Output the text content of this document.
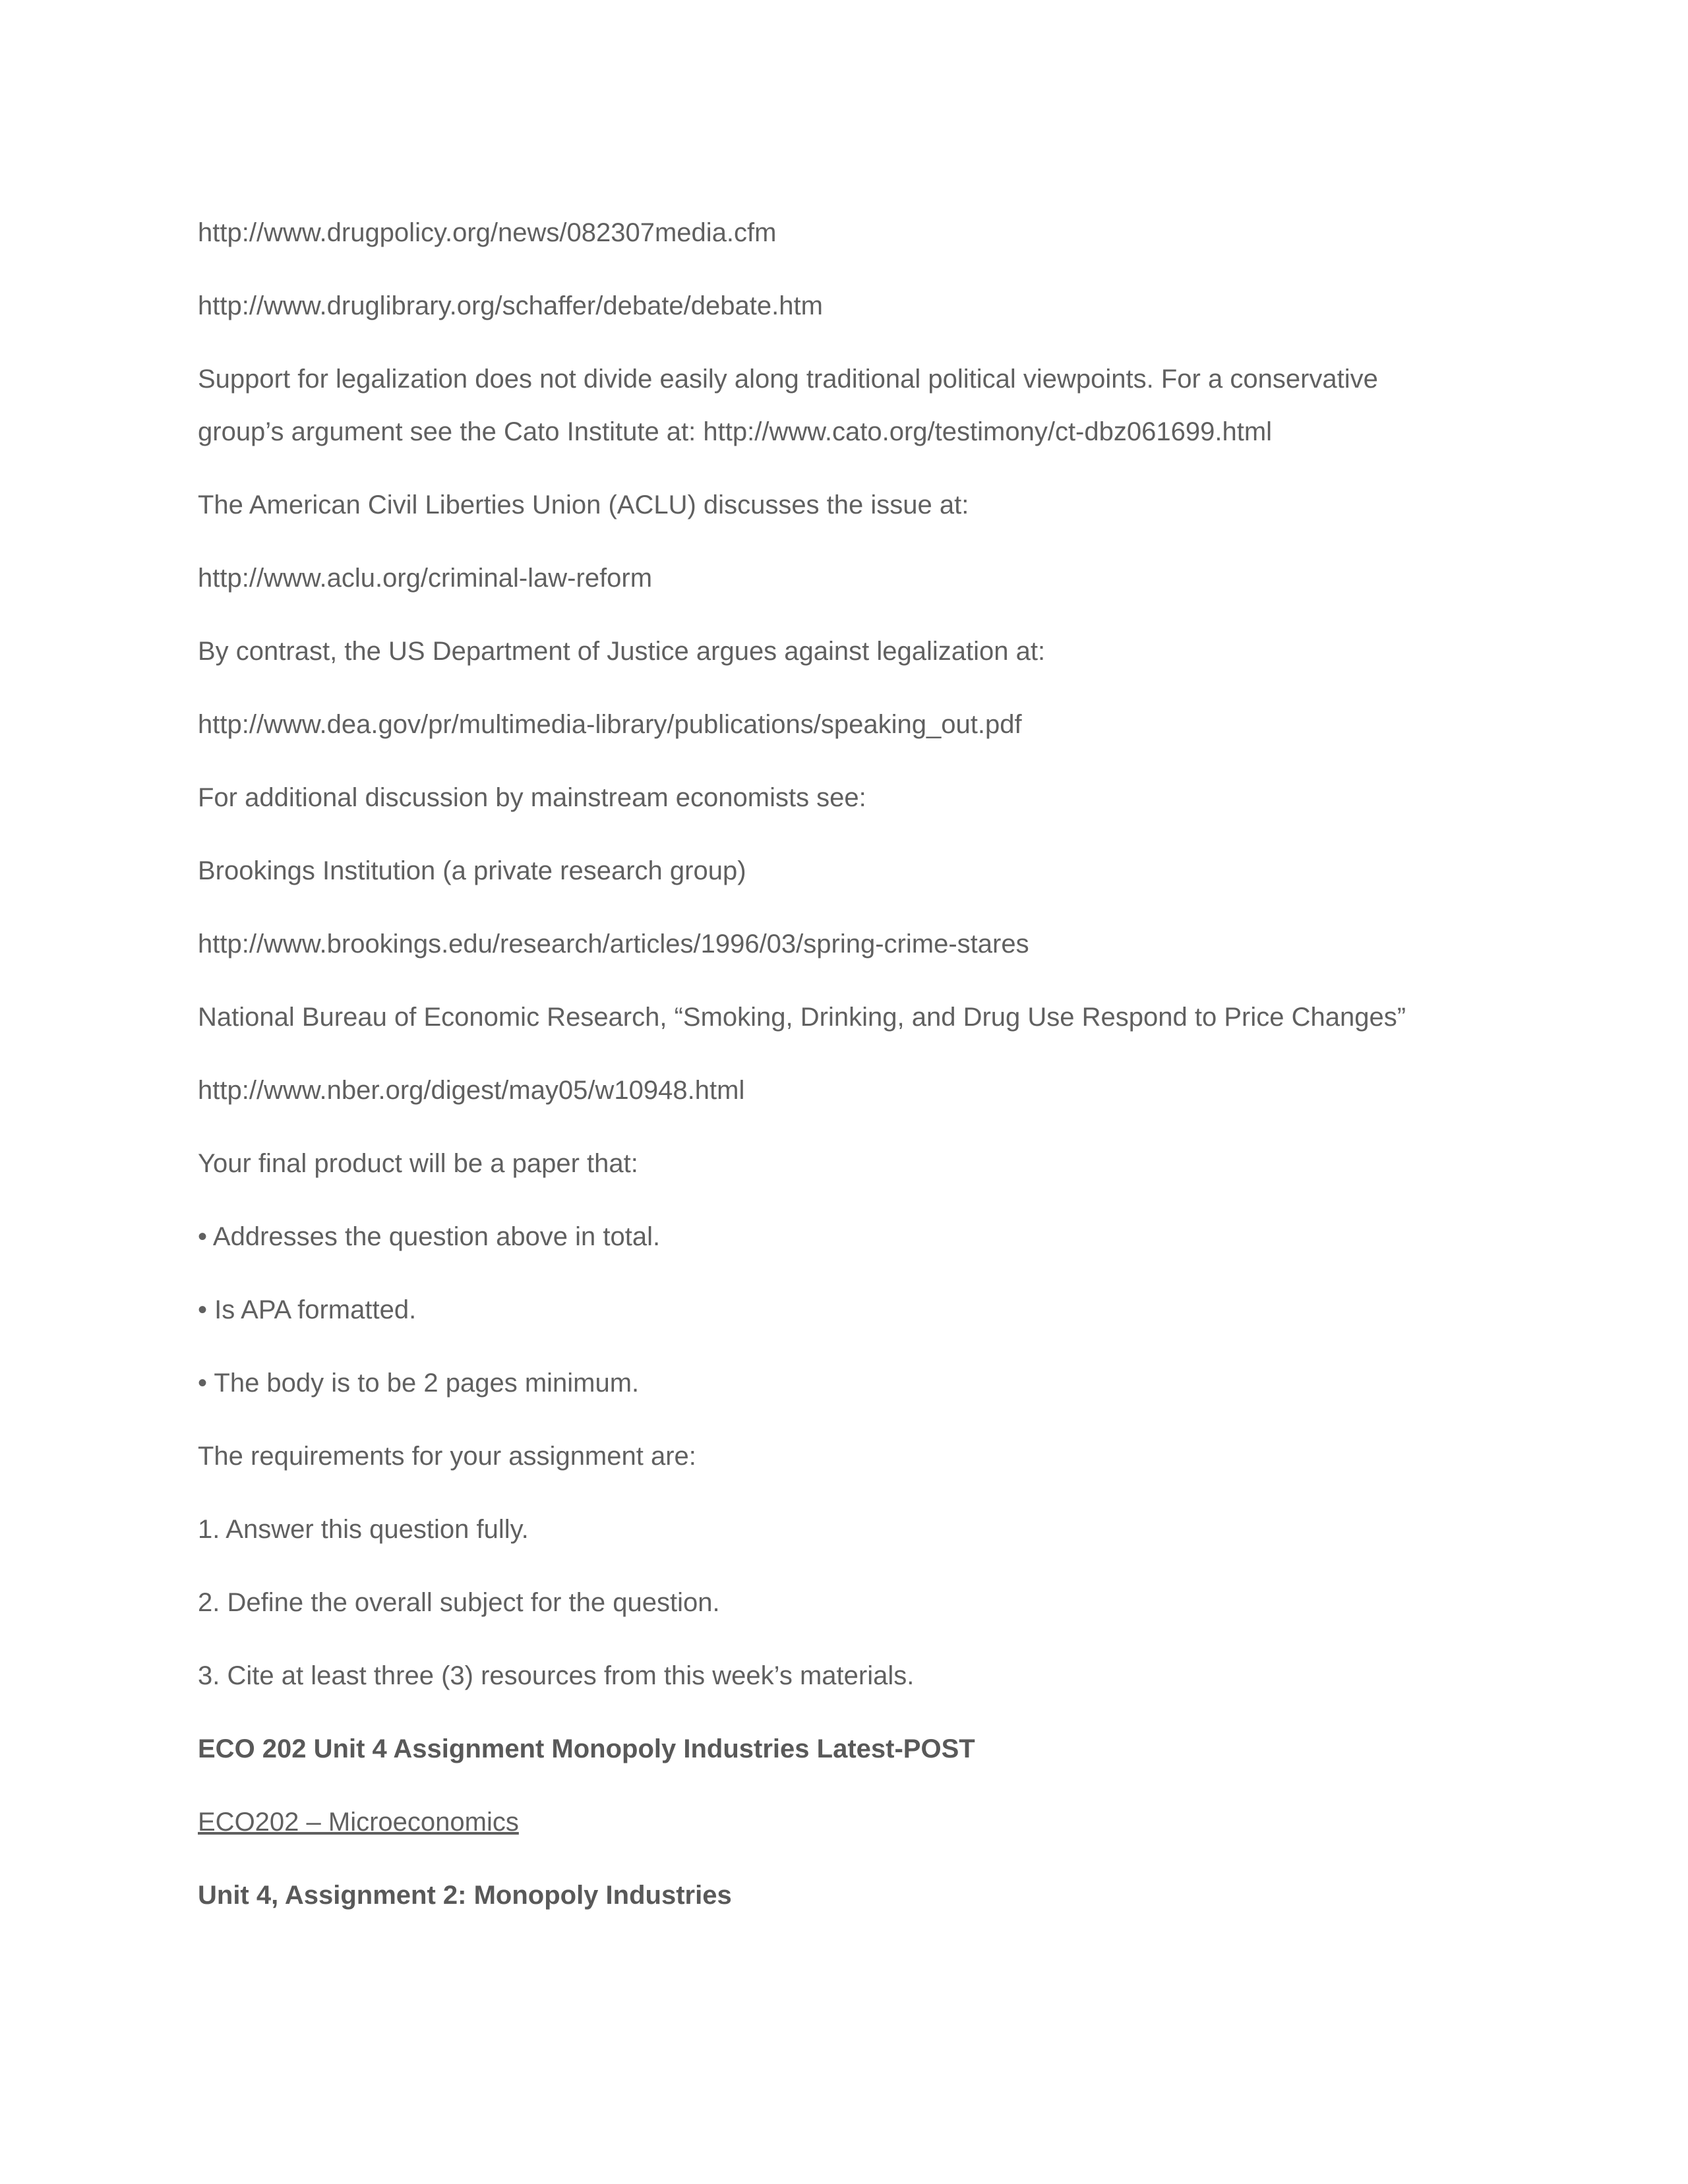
http://www.drugpolicy.org/news/082307media.cfm

http://www.druglibrary.org/schaffer/debate/debate.htm

Support for legalization does not divide easily along traditional political viewpoints. For a conservative

group’s argument see the Cato Institute at: http://www.cato.org/testimony/ct-dbz061699.html

The American Civil Liberties Union (ACLU) discusses the issue at:

http://www.aclu.org/criminal-law-reform

By contrast, the US Department of Justice argues against legalization at:

http://www.dea.gov/pr/multimedia-library/publications/speaking_out.pdf

For additional discussion by mainstream economists see:

Brookings Institution (a private research group)

http://www.brookings.edu/research/articles/1996/03/spring-crime-stares

National Bureau of Economic Research, “Smoking, Drinking, and Drug Use Respond to Price Changes”

http://www.nber.org/digest/may05/w10948.html

Your final product will be a paper that:

• Addresses the question above in total.

• Is APA formatted.

• The body is to be 2 pages minimum.

The requirements for your assignment are:

1. Answer this question fully.

2. Define the overall subject for the question.

3. Cite at least three (3) resources from this week’s materials.

ECO 202 Unit 4 Assignment Monopoly Industries Latest-POST

ECO202 – Microeconomics

Unit 4, Assignment 2: Monopoly Industries
